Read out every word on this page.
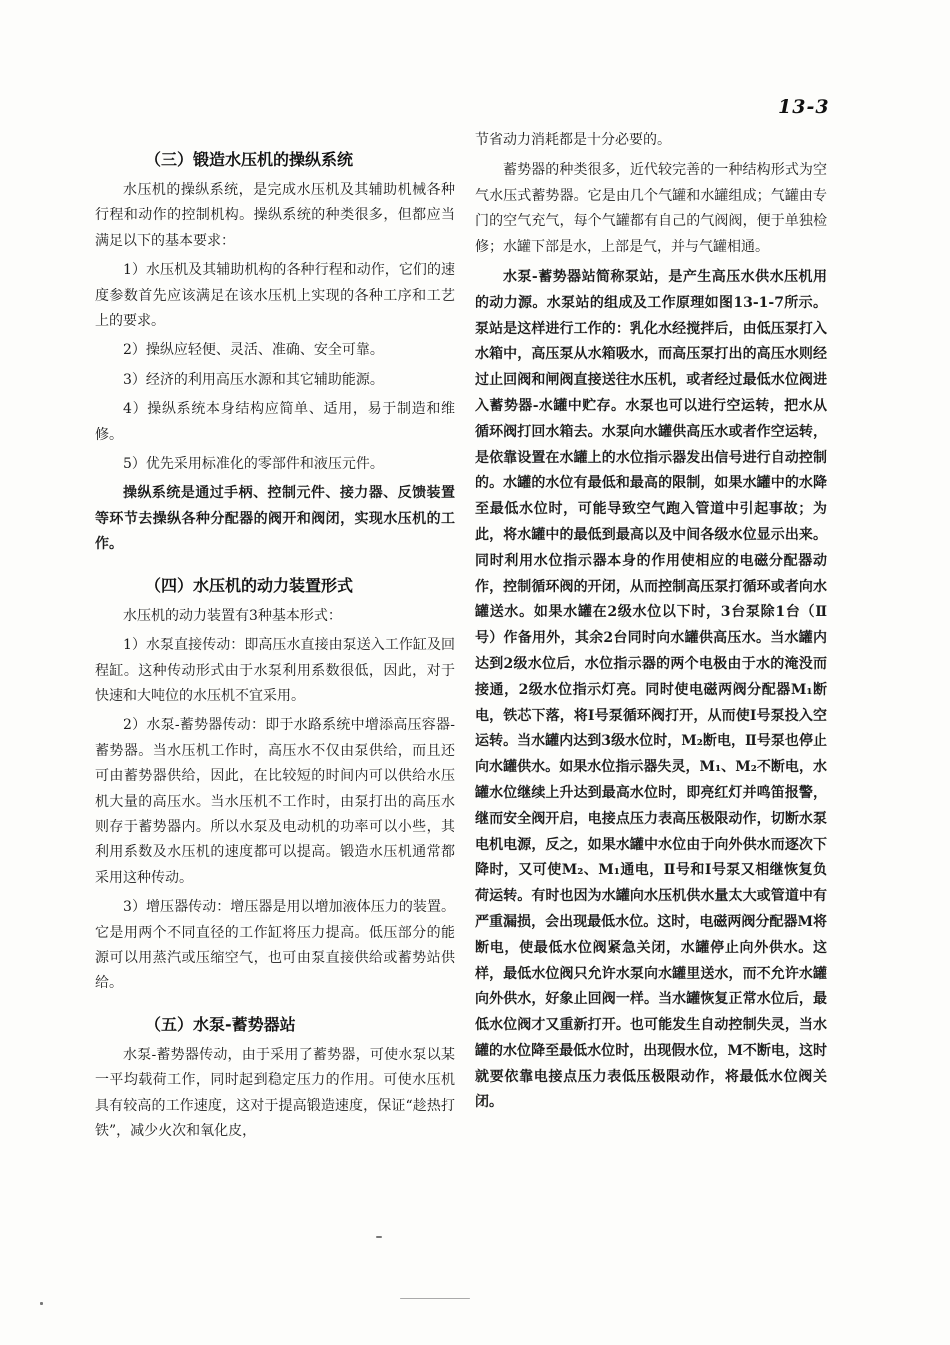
13-3
（三）锻造水压机的操纵系统

水压机的操纵系统，是完成水压机及其辅助机械各种行程和动作的控制机构。操纵系统的种类很多，但都应当满足以下的基本要求：

1）水压机及其辅助机构的各种行程和动作，它们的速度参数首先应该满足在该水压机上实现的各种工序和工艺上的要求。

2）操纵应轻便、灵活、准确、安全可靠。

3）经济的利用高压水源和其它辅助能源。

4）操纵系统本身结构应简单、适用，易于制造和维修。

5）优先采用标准化的零部件和液压元件。

操纵系统是通过手柄、控制元件、接力器、反馈装置等环节去操纵各种分配器的阀开和阀闭，实现水压机的工作。

（四）水压机的动力装置形式

水压机的动力装置有3种基本形式：

1）水泵直接传动：即高压水直接由泵送入工作缸及回程缸。这种传动形式由于水泵利用系数很低，因此，对于快速和大吨位的水压机不宜采用。

2）水泵-蓄势器传动：即于水路系统中增添高压容器-蓄势器。当水压机工作时，高压水不仅由泵供给，而且还可由蓄势器供给，因此，在比较短的时间内可以供给水压机大量的高压水。当水压机不工作时，由泵打出的高压水则存于蓄势器内。所以水泵及电动机的功率可以小些，其利用系数及水压机的速度都可以提高。锻造水压机通常都采用这种传动。

3）增压器传动：增压器是用以增加液体压力的装置。它是用两个不同直径的工作缸将压力提高。低压部分的能源可以用蒸汽或压缩空气，也可由泵直接供给或蓄势站供给。

（五）水泵-蓄势器站

水泵-蓄势器传动，由于采用了蓄势器，可使水泵以某一平均载荷工作，同时起到稳定压力的作用。可使水压机具有较高的工作速度，这对于提高锻造速度，保证“趁热打铁”，减少火次和氧化皮，

节省动力消耗都是十分必要的。

蓄势器的种类很多，近代较完善的一种结构形式为空气水压式蓄势器。它是由几个气罐和水罐组成；气罐由专门的空气充气，每个气罐都有自己的气阀阀，便于单独检修；水罐下部是水，上部是气，并与气罐相通。

水泵-蓄势器站简称泵站，是产生高压水供水压机用的动力源。水泵站的组成及工作原理如图13-1-7所示。泵站是这样进行工作的：乳化水经搅拌后，由低压泵打入水箱中，高压泵从水箱吸水，而高压泵打出的高压水则经过止回阀和闸阀直接送往水压机，或者经过最低水位阀进入蓄势器-水罐中贮存。水泵也可以进行空运转，把水从循环阀打回水箱去。水泵向水罐供高压水或者作空运转，是依靠设置在水罐上的水位指示器发出信号进行自动控制的。水罐的水位有最低和最高的限制，如果水罐中的水降至最低水位时，可能导致空气跑入管道中引起事故；为此，将水罐中的最低到最高以及中间各级水位显示出来。同时利用水位指示器本身的作用使相应的电磁分配器动作，控制循环阀的开闭，从而控制高压泵打循环或者向水罐送水。如果水罐在2级水位以下时，3台泵除1台（Ⅱ号）作备用外，其余2台同时向水罐供高压水。当水罐内达到2级水位后，水位指示器的两个电极由于水的淹没而接通，2级水位指示灯亮。同时使电磁两阀分配器M₁断电，铁芯下落，将Ⅰ号泵循环阀打开，从而使Ⅰ号泵投入空运转。当水罐内达到3级水位时，M₂断电，Ⅱ号泵也停止向水罐供水。如果水位指示器失灵，M₁、M₂不断电，水罐水位继续上升达到最高水位时，即亮红灯并鸣笛报警，继而安全阀开启，电接点压力表高压极限动作，切断水泵电机电源，反之，如果水罐中水位由于向外供水而逐次下降时，又可使M₂、M₁通电，Ⅱ号和Ⅰ号泵又相继恢复负荷运转。有时也因为水罐向水压机供水量太大或管道中有严重漏损，会出现最低水位。这时，电磁两阀分配器M将断电，使最低水位阀紧急关闭，水罐停止向外供水。这样，最低水位阀只允许水泵向水罐里送水，而不允许水罐向外供水，好象止回阀一样。当水罐恢复正常水位后，最低水位阀才又重新打开。也可能发生自动控制失灵，当水罐的水位降至最低水位时，出现假水位，M不断电，这时就要依靠电接点压力表低压极限动作，将最低水位阀关闭。
